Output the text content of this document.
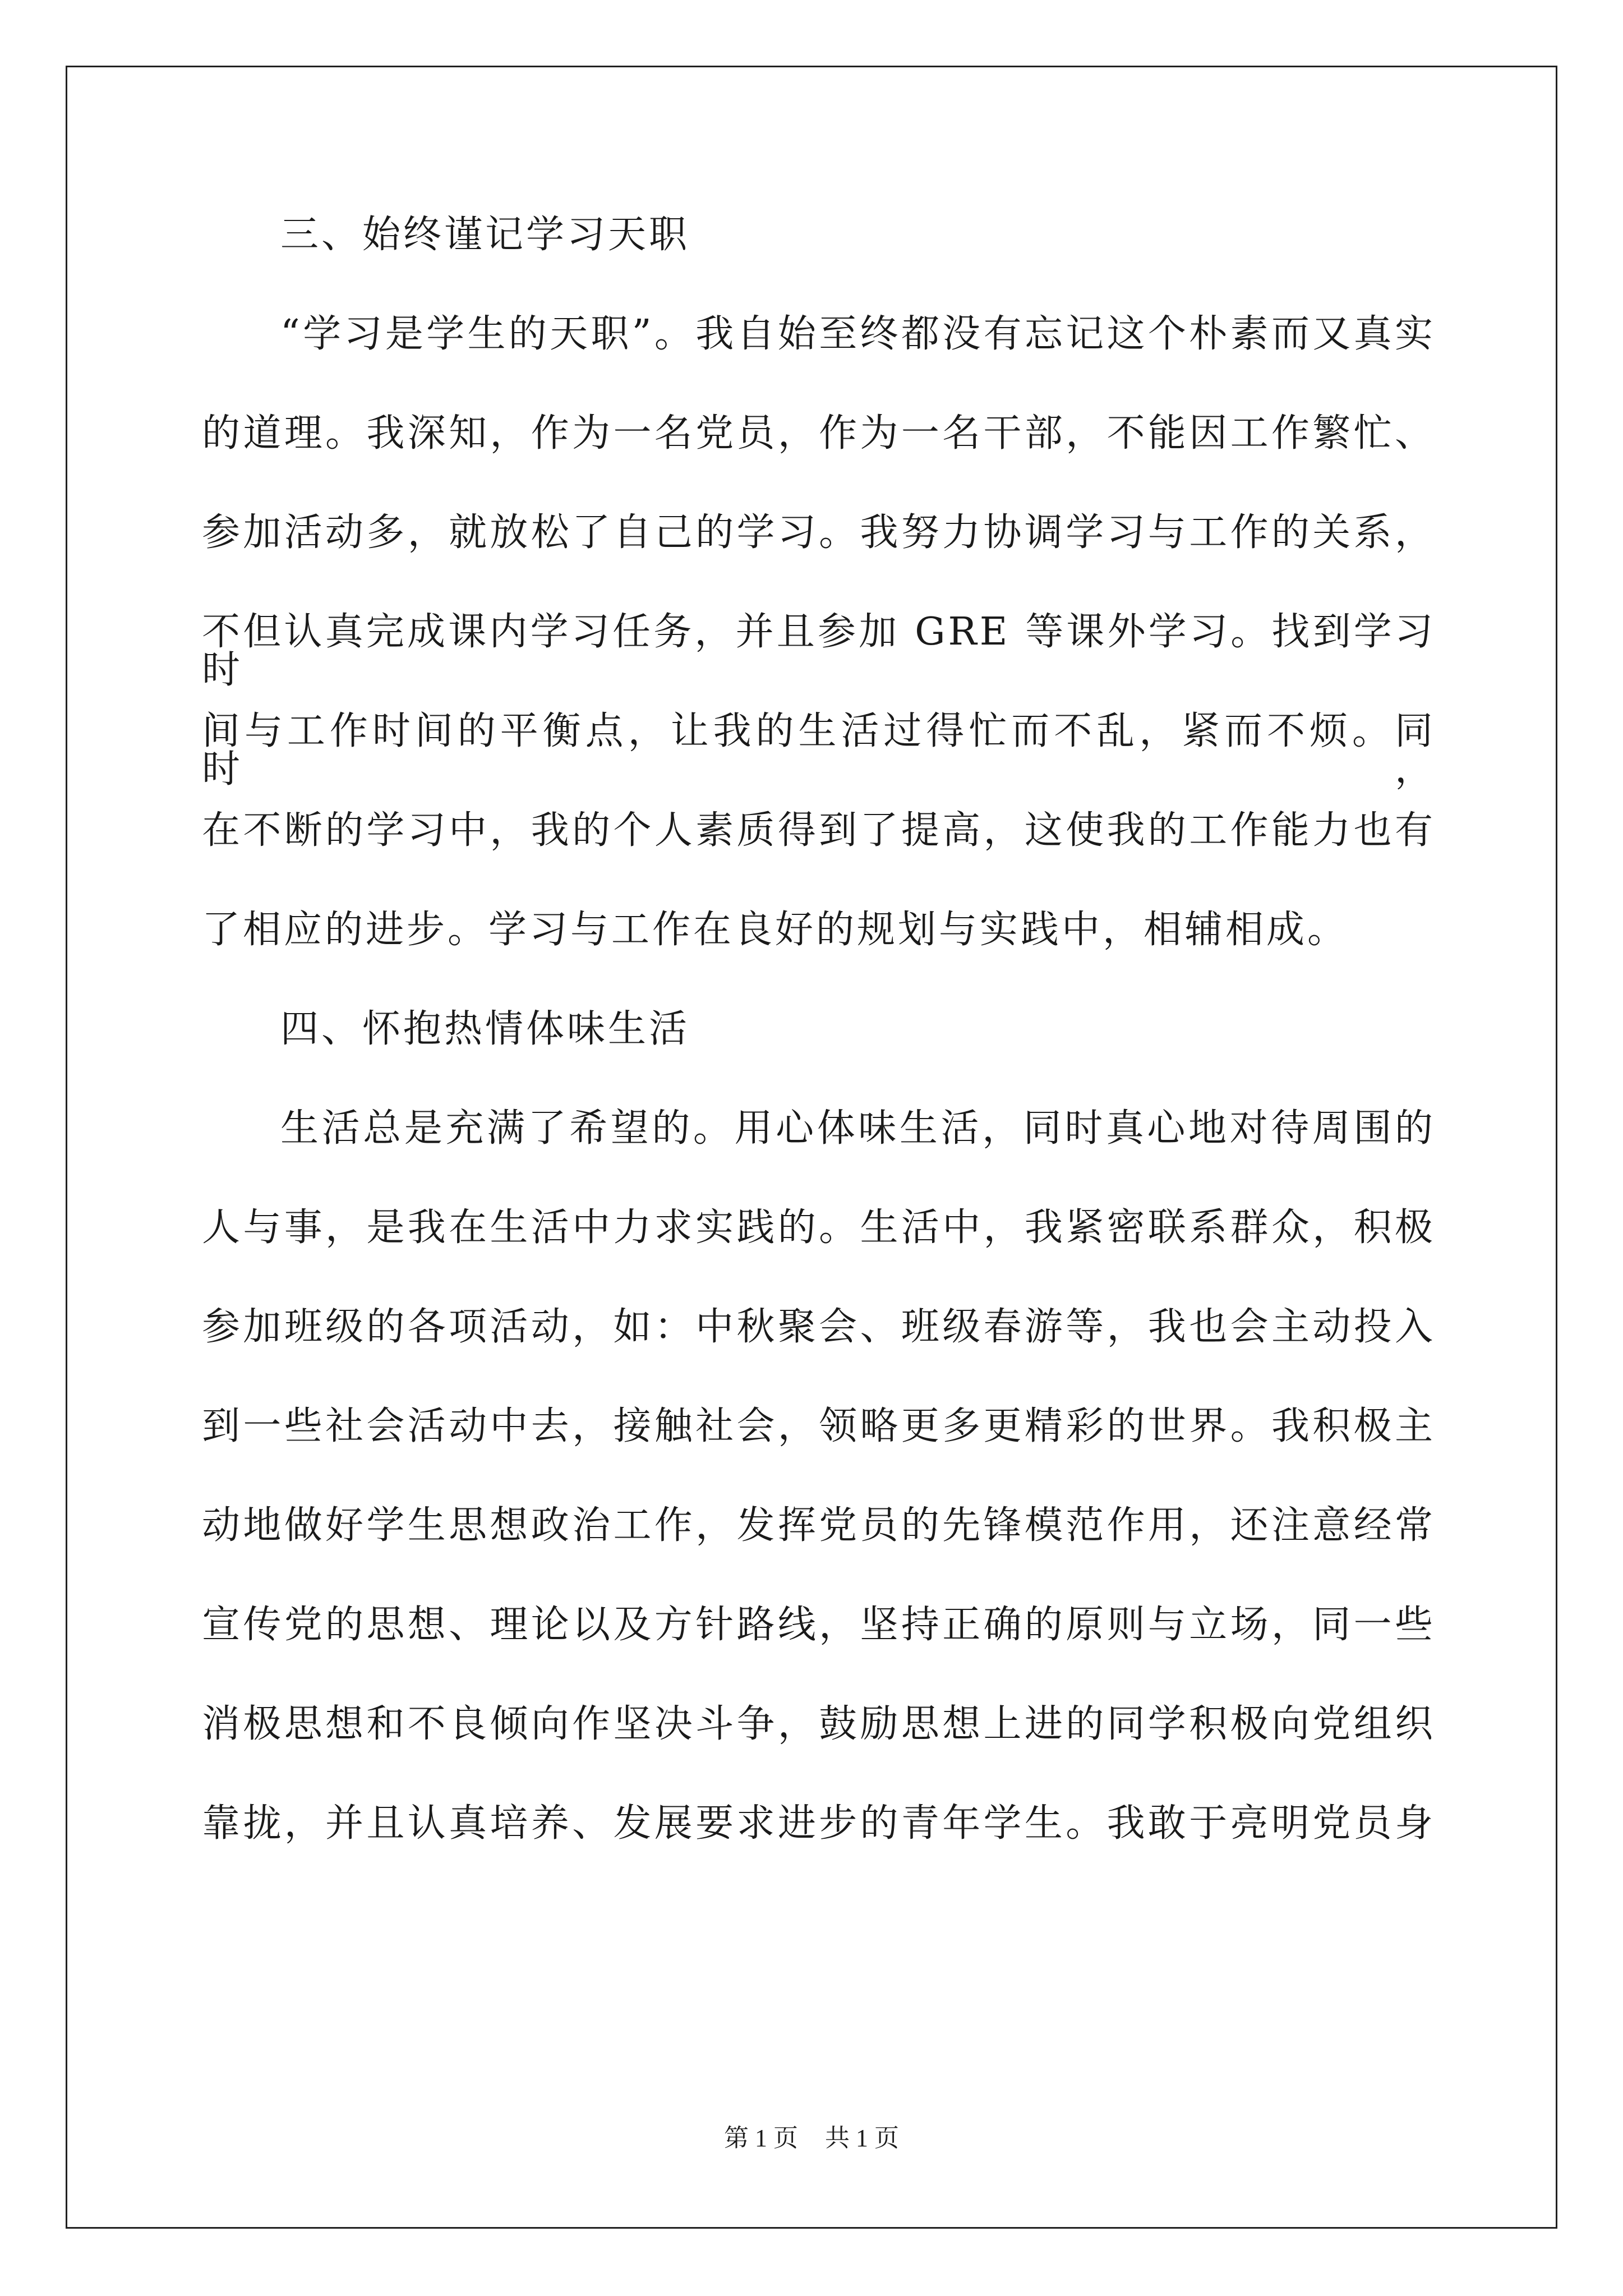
三、始终谨记学习天职
“学习是学生的天职”。我自始至终都没有忘记这个朴素而又真实
的道理。我深知，作为一名党员，作为一名干部，不能因工作繁忙、
参加活动多，就放松了自己的学习。我努力协调学习与工作的关系，
不但认真完成课内学习任务，并且参加 GRE 等课外学习。找到学习时
间与工作时间的平衡点，让我的生活过得忙而不乱，紧而不烦。同时，
在不断的学习中，我的个人素质得到了提高，这使我的工作能力也有
了相应的进步。学习与工作在良好的规划与实践中，相辅相成。
四、怀抱热情体味生活
生活总是充满了希望的。用心体味生活，同时真心地对待周围的
人与事，是我在生活中力求实践的。生活中，我紧密联系群众，积极
参加班级的各项活动，如：中秋聚会、班级春游等，我也会主动投入
到一些社会活动中去，接触社会，领略更多更精彩的世界。我积极主
动地做好学生思想政治工作，发挥党员的先锋模范作用，还注意经常
宣传党的思想、理论以及方针路线，坚持正确的原则与立场，同一些
消极思想和不良倾向作坚决斗争，鼓励思想上进的同学积极向党组织
靠拢，并且认真培养、发展要求进步的青年学生。我敢于亮明党员身
第 1 页 共 1 页
